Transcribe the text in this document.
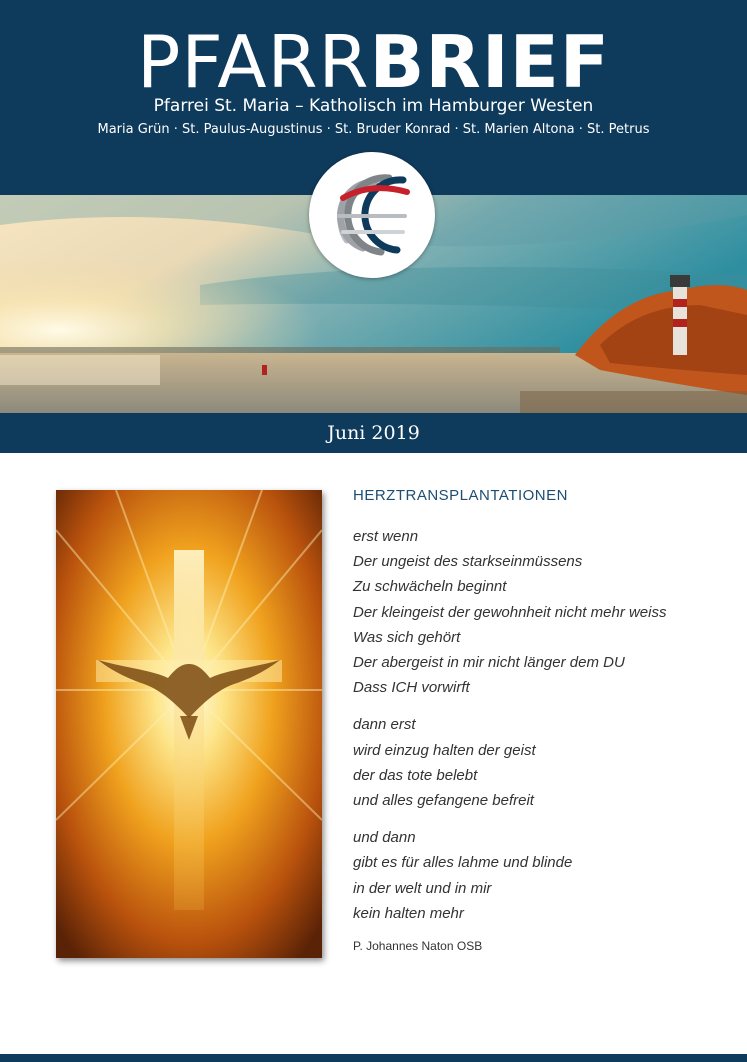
PFARRBRIEF
Pfarrei St. Maria – Katholisch im Hamburger Westen
Maria Grün · St. Paulus-Augustinus · St. Bruder Konrad · St. Marien Altona · St. Petrus
Juni 2019
HERZTRANSPLANTATIONEN
erst wenn
Der ungeist des starkseinmüssens
Zu schwächeln beginnt
Der kleingeist der gewohnheit nicht mehr weiss
Was sich gehört
Der abergeist in mir nicht länger dem DU
Dass ICH vorwirft
dann erst
wird einzug halten der geist
der das tote belebt
und alles gefangene befreit
und dann
gibt es für alles lahme und blinde
in der welt und in mir
kein halten mehr
P. Johannes Naton OSB
